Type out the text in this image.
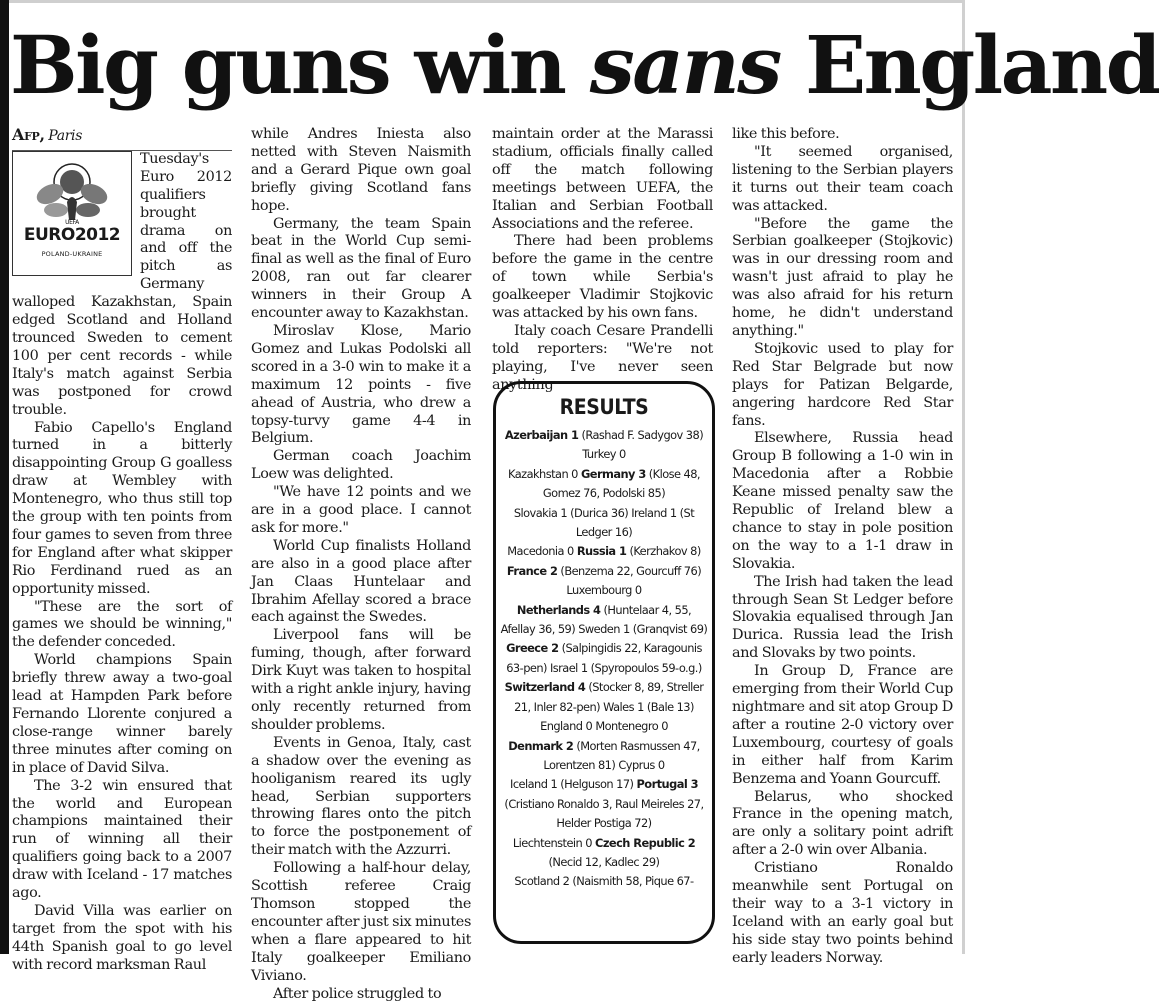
Big guns win sans England

Afp, Paris

UEFA
EURO2012
POLAND-UKRAINE

Tuesday's Euro 2012 qualifiers brought drama on and off the pitch as Germany walloped Kazakhstan, Spain edged Scotland and Holland trounced Sweden to cement 100 per cent records - while Italy's match against Serbia was postponed for crowd trouble.

Fabio Capello's England turned in a bitterly disappointing Group G goalless draw at Wembley with Montenegro, who thus still top the group with ten points from four games to seven from three for England after what skipper Rio Ferdinand rued as an opportunity missed.

"These are the sort of games we should be winning," the defender conceded.

World champions Spain briefly threw away a two-goal lead at Hampden Park before Fernando Llorente conjured a close-range winner barely three minutes after coming on in place of David Silva.

The 3-2 win ensured that the world and European champions maintained their run of winning all their qualifiers going back to a 2007 draw with Iceland - 17 matches ago.

David Villa was earlier on target from the spot with his 44th Spanish goal to go level with record marksman Raul

while Andres Iniesta also netted with Steven Naismith and a Gerard Pique own goal briefly giving Scotland fans hope.

Germany, the team Spain beat in the World Cup semi-final as well as the final of Euro 2008, ran out far clearer winners in their Group A encounter away to Kazakhstan.

Miroslav Klose, Mario Gomez and Lukas Podolski all scored in a 3-0 win to make it a maximum 12 points - five ahead of Austria, who drew a topsy-turvy game 4-4 in Belgium.

German coach Joachim Loew was delighted.

"We have 12 points and we are in a good place. I cannot ask for more."

World Cup finalists Holland are also in a good place after Jan Claas Huntelaar and Ibrahim Afellay scored a brace each against the Swedes.

Liverpool fans will be fuming, though, after forward Dirk Kuyt was taken to hospital with a right ankle injury, having only recently returned from shoulder problems.

Events in Genoa, Italy, cast a shadow over the evening as hooliganism reared its ugly head, Serbian supporters throwing flares onto the pitch to force the postponement of their match with the Azzurri.

Following a half-hour delay, Scottish referee Craig Thomson stopped the encounter after just six minutes when a flare appeared to hit Italy goalkeeper Emiliano Viviano.

After police struggled to

maintain order at the Marassi stadium, officials finally called off the match following meetings between UEFA, the Italian and Serbian Football Associations and the referee.

There had been problems before the game in the centre of town while Serbia's goalkeeper Vladimir Stojkovic was attacked by his own fans.

Italy coach Cesare Prandelli told reporters: "We're not playing, I've never seen anything

RESULTS
Azerbaijan 1 (Rashad F. Sadygov 38) Turkey 0
Kazakhstan 0 Germany 3 (Klose 48, Gomez 76, Podolski 85)
Slovakia 1 (Durica 36) Ireland 1 (St Ledger 16)
Macedonia 0 Russia 1 (Kerzhakov 8)
France 2 (Benzema 22, Gourcuff 76) Luxembourg 0
Netherlands 4 (Huntelaar 4, 55, Afellay 36, 59) Sweden 1 (Granqvist 69)
Greece 2 (Salpingidis 22, Karagounis 63-pen) Israel 1 (Spyropoulos 59-o.g.)
Switzerland 4 (Stocker 8, 89, Streller 21, Inler 82-pen) Wales 1 (Bale 13)
England 0 Montenegro 0
Denmark 2 (Morten Rasmussen 47, Lorentzen 81) Cyprus 0
Iceland 1 (Helguson 17) Portugal 3 (Cristiano Ronaldo 3, Raul Meireles 27, Helder Postiga 72)
Liechtenstein 0 Czech Republic 2 (Necid 12, Kadlec 29)
Scotland 2 (Naismith 58, Pique 67-

like this before.

"It seemed organised, listening to the Serbian players it turns out their team coach was attacked.

"Before the game the Serbian goalkeeper (Stojkovic) was in our dressing room and wasn't just afraid to play he was also afraid for his return home, he didn't understand anything."

Stojkovic used to play for Red Star Belgrade but now plays for Patizan Belgarde, angering hardcore Red Star fans.

Elsewhere, Russia head Group B following a 1-0 win in Macedonia after a Robbie Keane missed penalty saw the Republic of Ireland blew a chance to stay in pole position on the way to a 1-1 draw in Slovakia.

The Irish had taken the lead through Sean St Ledger before Slovakia equalised through Jan Durica. Russia lead the Irish and Slovaks by two points.

In Group D, France are emerging from their World Cup nightmare and sit atop Group D after a routine 2-0 victory over Luxembourg, courtesy of goals in either half from Karim Benzema and Yoann Gourcuff.

Belarus, who shocked France in the opening match, are only a solitary point adrift after a 2-0 win over Albania.

Cristiano Ronaldo meanwhile sent Portugal on their way to a 3-1 victory in Iceland with an early goal but his side stay two points behind early leaders Norway.
